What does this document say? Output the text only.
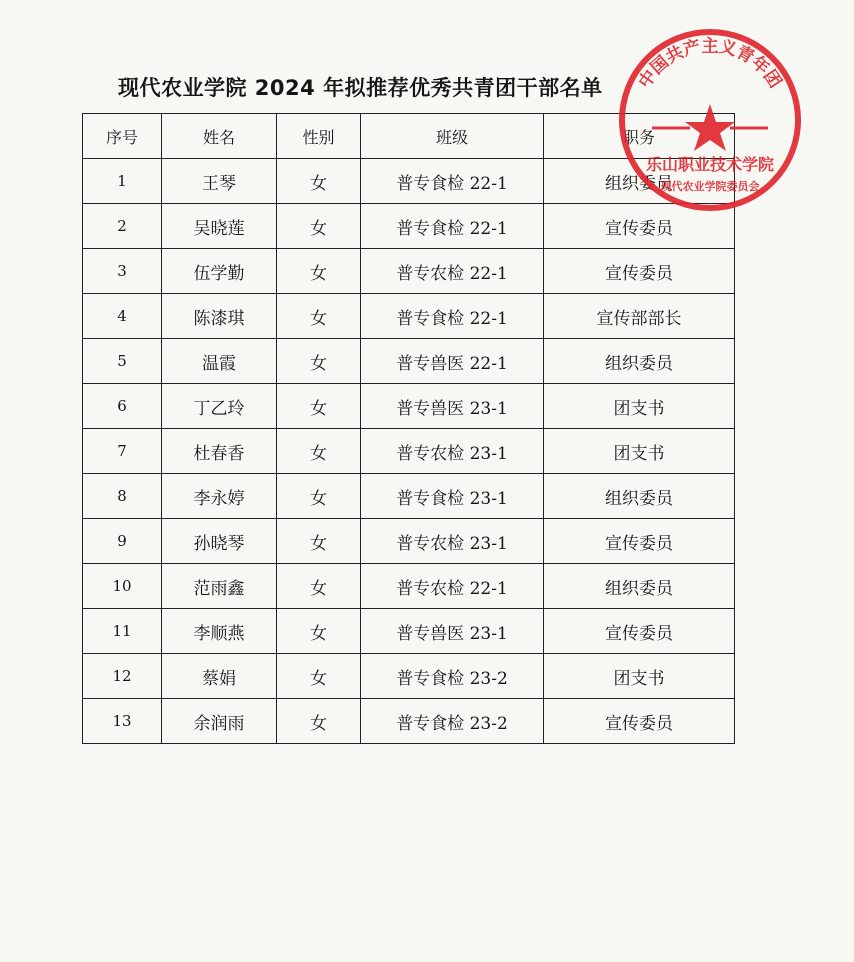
现代农业学院 2024 年拟推荐优秀共青团干部名单
序号	姓名	性别	班级	职务
1	王琴	女	普专食检 22-1	组织委员
2	吴晓莲	女	普专食检 22-1	宣传委员
3	伍学勤	女	普专农检 22-1	宣传委员
4	陈漆琪	女	普专食检 22-1	宣传部部长
5	温霞	女	普专兽医 22-1	组织委员
6	丁乙玲	女	普专兽医 23-1	团支书
7	杜春香	女	普专农检 23-1	团支书
8	李永婷	女	普专食检 23-1	组织委员
9	孙晓琴	女	普专农检 23-1	宣传委员
10	范雨鑫	女	普专农检 22-1	组织委员
11	李顺燕	女	普专兽医 23-1	宣传委员
12	蔡娟	女	普专食检 23-2	团支书
13	余润雨	女	普专食检 23-2	宣传委员
中国共产主义青年团
乐山职业技术学院
现代农业学院委员会
